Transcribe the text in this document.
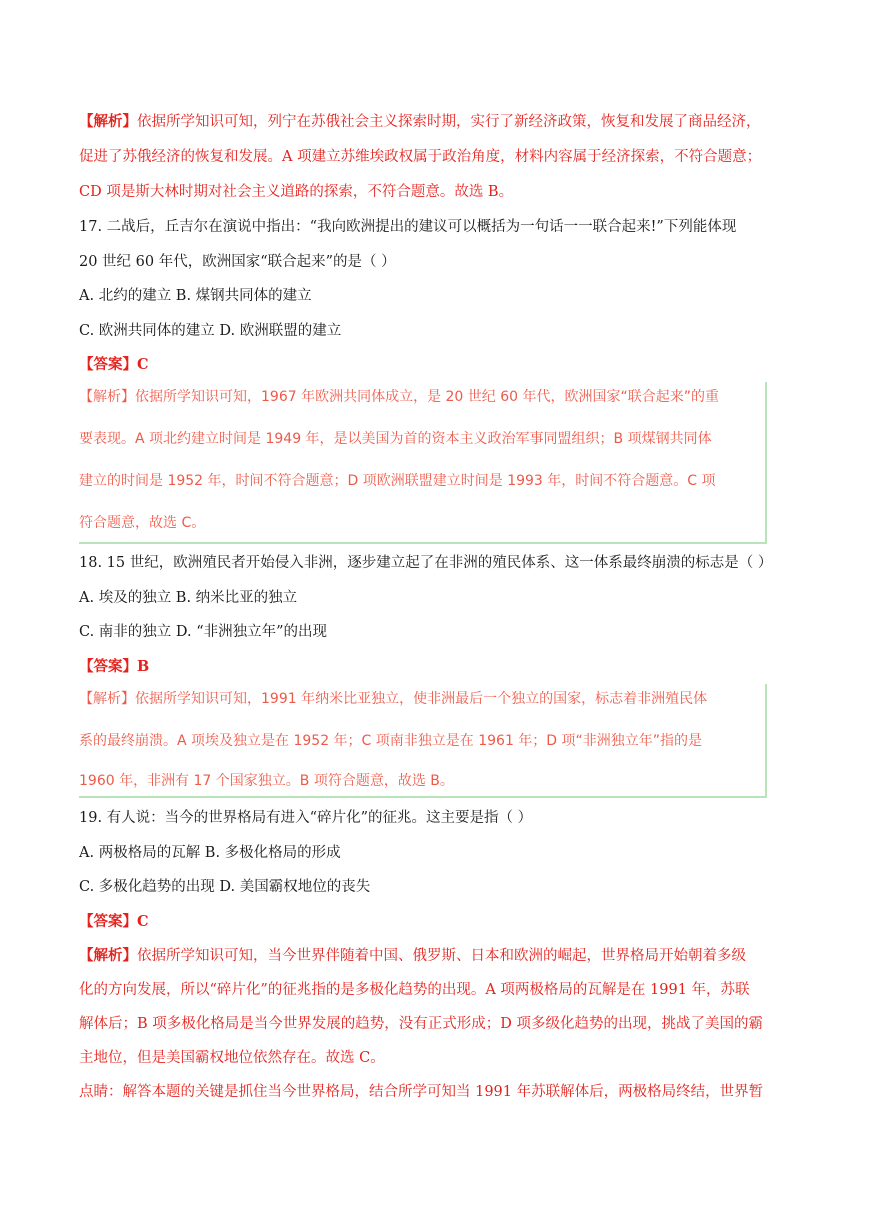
【解析】依据所学知识可知，列宁在苏俄社会主义探索时期，实行了新经济政策，恢复和发展了商品经济，
促进了苏俄经济的恢复和发展。A 项建立苏维埃政权属于政治角度，材料内容属于经济探索，不符合题意；
CD 项是斯大林时期对社会主义道路的探索，不符合题意。故选 B。
17. 二战后，丘吉尔在演说中指出：“我向欧洲提出的建议可以概括为一句话一一联合起来!”下列能体现
20 世纪 60 年代，欧洲国家“联合起来”的是（ ）
A. 北约的建立 B. 煤钢共同体的建立
C. 欧洲共同体的建立 D. 欧洲联盟的建立
【答案】C
【解析】依据所学知识可知，1967 年欧洲共同体成立，是 20 世纪 60 年代，欧洲国家“联合起来”的重
要表现。A 项北约建立时间是 1949 年，是以美国为首的资本主义政治军事同盟组织；B 项煤钢共同体
建立的时间是 1952 年，时间不符合题意；D 项欧洲联盟建立时间是 1993 年，时间不符合题意。C 项
符合题意，故选 C。
18. 15 世纪，欧洲殖民者开始侵入非洲，逐步建立起了在非洲的殖民体系、这一体系最终崩溃的标志是（ ）
A. 埃及的独立 B. 纳米比亚的独立
C. 南非的独立 D. “非洲独立年”的出现
【答案】B
【解析】依据所学知识可知，1991 年纳米比亚独立，使非洲最后一个独立的国家，标志着非洲殖民体
系的最终崩溃。A 项埃及独立是在 1952 年；C 项南非独立是在 1961 年；D 项“非洲独立年”指的是
1960 年，非洲有 17 个国家独立。B 项符合题意，故选 B。
19. 有人说：当今的世界格局有进入“碎片化”的征兆。这主要是指（ ）
A. 两极格局的瓦解 B. 多极化格局的形成
C. 多极化趋势的出现 D. 美国霸权地位的丧失
【答案】C
【解析】依据所学知识可知，当今世界伴随着中国、俄罗斯、日本和欧洲的崛起，世界格局开始朝着多级
化的方向发展，所以“碎片化”的征兆指的是多极化趋势的出现。A 项两极格局的瓦解是在 1991 年，苏联
解体后；B 项多极化格局是当今世界发展的趋势，没有正式形成；D 项多级化趋势的出现，挑战了美国的霸
主地位，但是美国霸权地位依然存在。故选 C。
点睛：解答本题的关键是抓住当今世界格局，结合所学可知当 1991 年苏联解体后，两极格局终结，世界暂
